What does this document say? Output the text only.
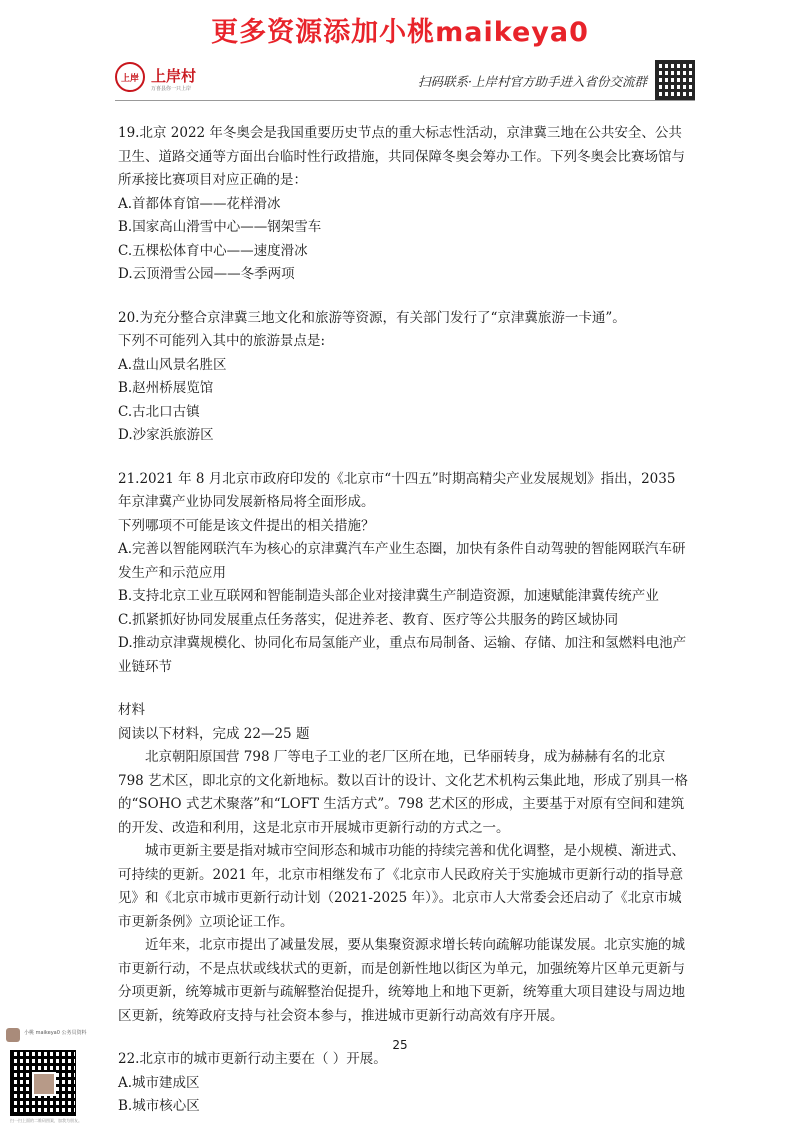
更多资源添加小桃maikeya0
上岸 上岸村
万喜县你一只上岸	扫码联系·上岸村官方助手进入省份交流群

19.北京 2022 年冬奥会是我国重要历史节点的重大标志性活动，京津冀三地在公共安全、公共卫生、道路交通等方面出台临时性行政措施，共同保障冬奥会筹办工作。下列冬奥会比赛场馆与所承接比赛项目对应正确的是：

A.首都体育馆——花样滑冰

B.国家高山滑雪中心——钢架雪车

C.五棵松体育中心——速度滑冰

D.云顶滑雪公园——冬季两项

20.为充分整合京津冀三地文化和旅游等资源，有关部门发行了“京津冀旅游一卡通”。

下列不可能列入其中的旅游景点是:

A.盘山风景名胜区

B.赵州桥展览馆

C.古北口古镇

D.沙家浜旅游区

21.2021 年 8 月北京市政府印发的《北京市“十四五”时期高精尖产业发展规划》指出，2035 年京津冀产业协同发展新格局将全面形成。

下列哪项不可能是该文件提出的相关措施？

A.完善以智能网联汽车为核心的京津冀汽车产业生态圈，加快有条件自动驾驶的智能网联汽车研发生产和示范应用

B.支持北京工业互联网和智能制造头部企业对接津冀生产制造资源，加速赋能津冀传统产业

C.抓紧抓好协同发展重点任务落实，促进养老、教育、医疗等公共服务的跨区域协同

D.推动京津冀规模化、协同化布局氢能产业，重点布局制备、运输、存储、加注和氢燃料电池产业链环节

材料

阅读以下材料，完成 22—25 题

北京朝阳原国营 798 厂等电子工业的老厂区所在地，已华丽转身，成为赫赫有名的北京 798 艺术区，即北京的文化新地标。数以百计的设计、文化艺术机构云集此地，形成了别具一格的“SOHO 式艺术聚落”和“LOFT 生活方式”。798 艺术区的形成，主要基于对原有空间和建筑的开发、改造和利用，这是北京市开展城市更新行动的方式之一。

城市更新主要是指对城市空间形态和城市功能的持续完善和优化调整，是小规模、渐进式、可持续的更新。2021 年，北京市相继发布了《北京市人民政府关于实施城市更新行动的指导意见》和《北京市城市更新行动计划（2021-2025 年）》。北京市人大常委会还启动了《北京市城市更新条例》立项论证工作。

近年来，北京市提出了减量发展，要从集聚资源求增长转向疏解功能谋发展。北京实施的城市更新行动，不是点状或线状式的更新，而是创新性地以街区为单元，加强统筹片区单元更新与分项更新，统筹城市更新与疏解整治促提升，统筹地上和地下更新，统筹重大项目建设与周边地区更新，统筹政府支持与社会资本参与，推进城市更新行动高效有序开展。

22.北京市的城市更新行动主要在（ ）开展。

A.城市建成区

B.城市核心区

25
小桃 maikeya0 公务员资料
扫一扫上面的二维码图案，加我为朋友。
